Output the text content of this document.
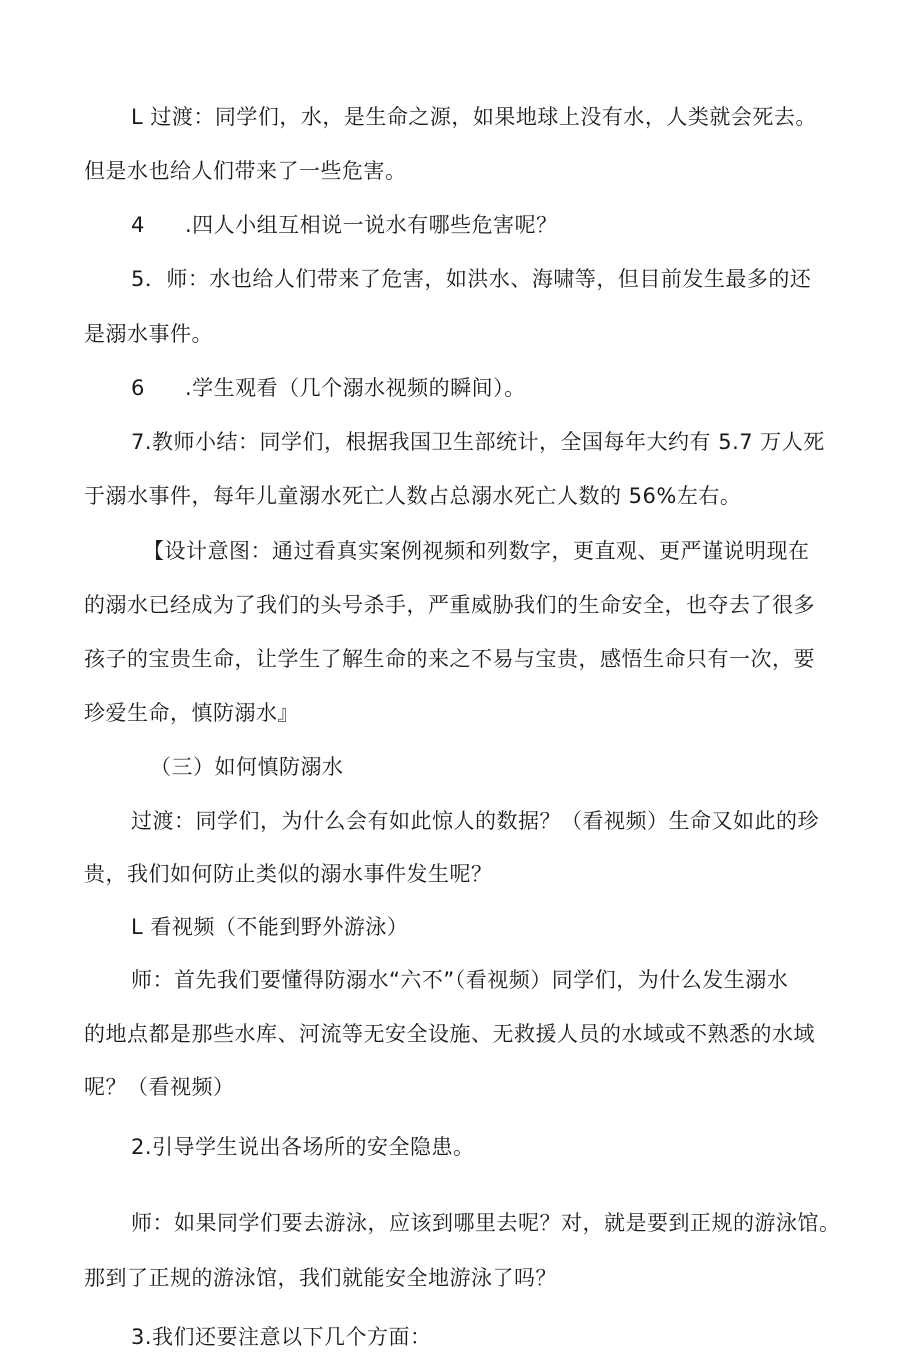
L 过渡：同学们，水，是生命之源，如果地球上没有水，人类就会死去。
但是水也给人们带来了一些危害。
4 .四人小组互相说一说水有哪些危害呢？
5．师：水也给人们带来了危害，如洪水、海啸等，但目前发生最多的还
是溺水事件。
6 .学生观看（几个溺水视频的瞬间）。
7.教师小结：同学们，根据我国卫生部统计，全国每年大约有 5.7 万人死
于溺水事件，每年儿童溺水死亡人数占总溺水死亡人数的 56%左右。
【设计意图：通过看真实案例视频和列数字，更直观、更严谨说明现在
的溺水已经成为了我们的头号杀手，严重威胁我们的生命安全，也夺去了很多
孩子的宝贵生命，让学生了解生命的来之不易与宝贵，感悟生命只有一次，要
珍爱生命，慎防溺水』
（三）如何慎防溺水
过渡：同学们，为什么会有如此惊人的数据？（看视频）生命又如此的珍
贵，我们如何防止类似的溺水事件发生呢？
L 看视频（不能到野外游泳）
师：首先我们要懂得防溺水“六不”（看视频）同学们，为什么发生溺水
的地点都是那些水库、河流等无安全设施、无救援人员的水域或不熟悉的水域
呢？（看视频）
2.引导学生说出各场所的安全隐患。
师：如果同学们要去游泳，应该到哪里去呢？对，就是要到正规的游泳馆。
那到了正规的游泳馆，我们就能安全地游泳了吗？
3.我们还要注意以下几个方面：
